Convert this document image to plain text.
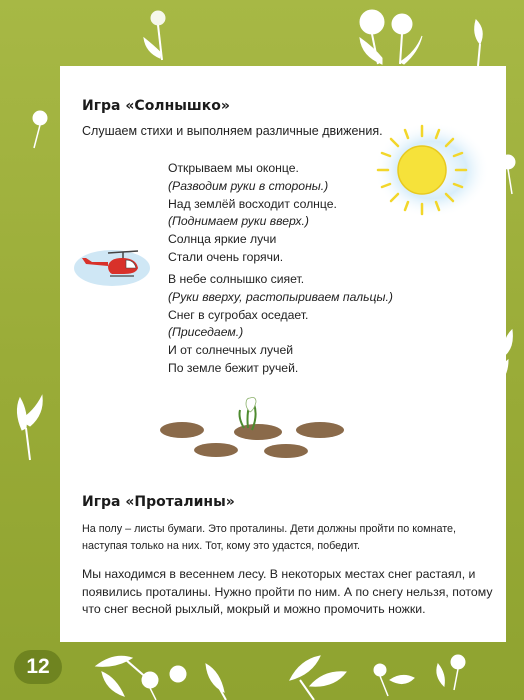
Игра «Солнышко»
Слушаем стихи и выполняем различные движения.
Открываем мы оконце.
(Разводим руки в стороны.)
Над землёй восходит солнце.
(Поднимаем руки вверх.)
Солнца яркие лучи
Стали очень горячи.
В небе солнышко сияет.
(Руки вверху, растопыриваем пальцы.)
Снег в сугробах оседает.
(Приседаем.)
И от солнечных лучей
По земле бежит ручей.
Игра «Проталины»
На полу – листы бумаги. Это проталины. Дети должны пройти по комнате, наступая только на них. Тот, кому это удастся, победит.
Мы находимся в весеннем лесу. В некоторых местах снег растаял, и появились проталины. Нужно пройти по ним. А по снегу нельзя, потому что снег весной рыхлый, мокрый и можно промочить ножки.
12
